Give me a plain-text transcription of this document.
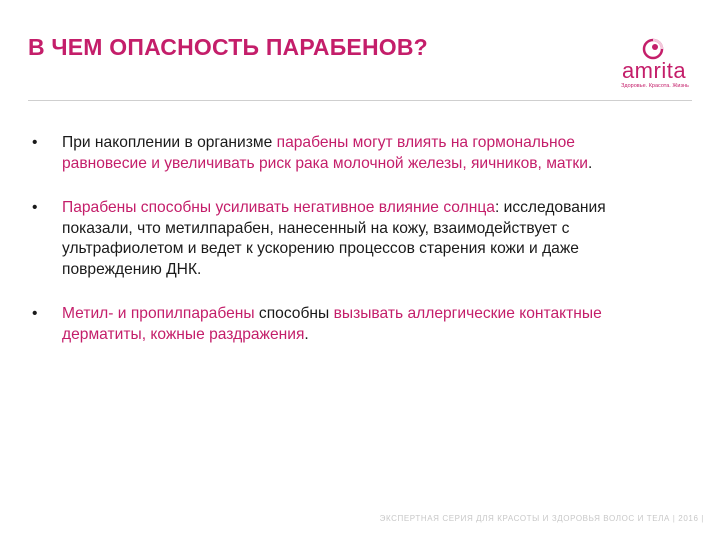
В ЧЕМ ОПАСНОСТЬ ПАРАБЕНОВ?
amrita
Здоровье. Красота. Жизнь
• При накоплении в организме парабены могут влиять на гормональное равновесие и увеличивать риск рака молочной железы, яичников, матки.
• Парабены способны усиливать негативное влияние солнца: исследования показали, что метилпарабен, нанесенный на кожу, взаимодействует с ультрафиолетом и ведет к ускорению процессов старения кожи и даже повреждению ДНК.
• Метил- и пропилпарабены способны вызывать аллергические контактные дерматиты, кожные раздражения.
ЭКСПЕРТНАЯ СЕРИЯ ДЛЯ КРАСОТЫ И ЗДОРОВЬЯ ВОЛОС И ТЕЛА | 2016 |
